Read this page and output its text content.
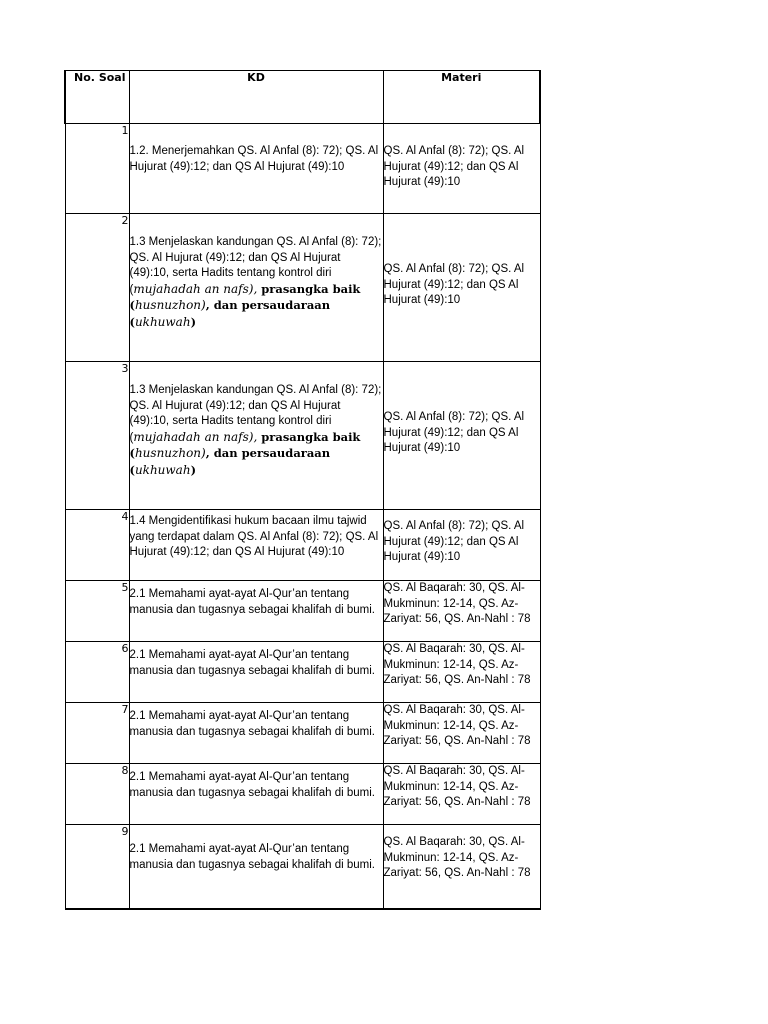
No. Soal	KD	Materi
1	1.2. Menerjemahkan QS. Al Anfal (8): 72); QS. Al Hujurat (49):12; dan QS Al Hujurat (49):10	QS. Al Anfal (8): 72); QS. Al Hujurat (49):12; dan QS Al Hujurat (49):10
2	1.3 Menjelaskan kandungan QS. Al Anfal (8): 72); QS. Al Hujurat (49):12; dan QS Al Hujurat (49):10, serta Hadits tentang kontrol diri (mujahadah an nafs), prasangka baik
(husnuzhon), dan persaudaraan
(ukhuwah)	QS. Al Anfal (8): 72); QS. Al Hujurat (49):12; dan QS Al Hujurat (49):10
3	1.3 Menjelaskan kandungan QS. Al Anfal (8): 72); QS. Al Hujurat (49):12; dan QS Al Hujurat (49):10, serta Hadits tentang kontrol diri (mujahadah an nafs), prasangka baik
(husnuzhon), dan persaudaraan
(ukhuwah)	QS. Al Anfal (8): 72); QS. Al Hujurat (49):12; dan QS Al Hujurat (49):10
4	1.4 Mengidentifikasi hukum bacaan ilmu tajwid yang terdapat dalam QS. Al Anfal (8): 72); QS. Al Hujurat (49):12; dan QS Al Hujurat (49):10	QS. Al Anfal (8): 72); QS. Al Hujurat (49):12; dan QS Al Hujurat (49):10
5	2.1 Memahami ayat-ayat Al-Qur’an tentang manusia dan tugasnya sebagai khalifah di bumi.	QS. Al Baqarah: 30, QS. Al-Mukminun: 12-14, QS. Az-Zariyat: 56, QS. An-Nahl : 78
6	2.1 Memahami ayat-ayat Al-Qur’an tentang manusia dan tugasnya sebagai khalifah di bumi.	QS. Al Baqarah: 30, QS. Al-Mukminun: 12-14, QS. Az-Zariyat: 56, QS. An-Nahl : 78
7	2.1 Memahami ayat-ayat Al-Qur’an tentang manusia dan tugasnya sebagai khalifah di bumi.	QS. Al Baqarah: 30, QS. Al-Mukminun: 12-14, QS. Az-Zariyat: 56, QS. An-Nahl : 78
8	2.1 Memahami ayat-ayat Al-Qur’an tentang manusia dan tugasnya sebagai khalifah di bumi.	QS. Al Baqarah: 30, QS. Al-Mukminun: 12-14, QS. Az-Zariyat: 56, QS. An-Nahl : 78
9	2.1 Memahami ayat-ayat Al-Qur’an tentang manusia dan tugasnya sebagai khalifah di bumi.	QS. Al Baqarah: 30, QS. Al-Mukminun: 12-14, QS. Az-Zariyat: 56, QS. An-Nahl : 78
